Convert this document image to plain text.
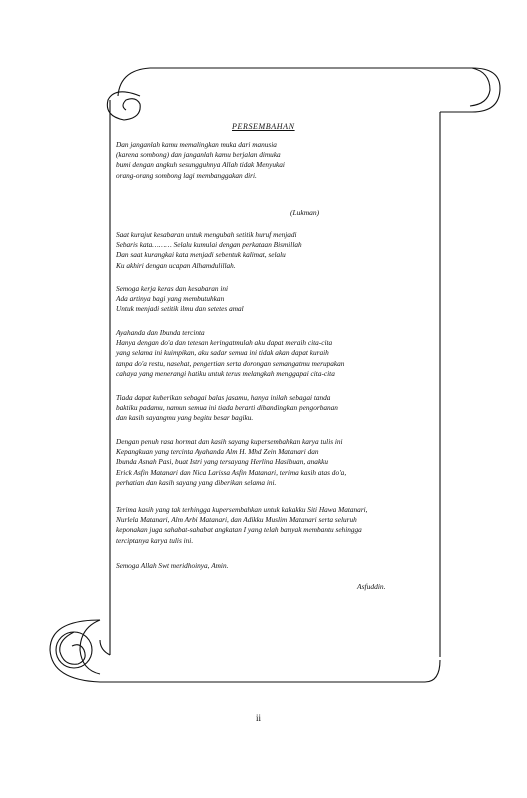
PERSEMBAHAN
Dan janganlah kamu memalingkan muka dari manusia
(karena sombong) dan janganlah kamu berjalan dimuka
bumi dengan angkuh sesungguhnya Allah tidak Menyukai
orang-orang sombong lagi membanggakan diri.
(Lukman)
Saat kurajut kesabaran untuk mengubah setitik huruf menjadi
Sebaris kata……… Selalu kumulai dengan perkataan Bismillah
Dan saat kurangkai kata menjadi sebentuk kalimat, selalu
Ku akhiri dengan ucapan Alhamdulillah.
Semoga kerja keras dan kesabaran ini
Ada artinya bagi yang membutuhkan
Untuk menjadi setitik ilmu dan setetes amal
Ayahanda dan Ibunda tercinta
Hanya dengan do'a dan tetesan keringatmulah aku dapat meraih cita-cita
yang selama ini kuimpikan, aku sadar semua ini tidak akan dapat kuraih
tanpa do'a restu, nasehat, pengertian serta dorongan semangatmu merupakan
cahaya yang menerangi hatiku untuk terus melangkah menggapai cita-cita
Tiada dapat kuberikan sebagai balas jasamu, hanya inilah sebagai tanda
baktiku padamu, namun semua ini tiada berarti dibandingkan pengorbanan
dan kasih sayangmu yang begitu besar bagiku.
Dengan penuh rasa hormat dan kasih sayang kupersembahkan karya tulis ini
Kepangkuan yang tercinta Ayahanda Alm H. Mhd Zein Matanari dan
Ibunda Asnah Pasi, buat Istri yang tersayang Herlina Hasibuan, anakku
Erick Asfin Matanari dan Nica Larissa Asfin Matanari, terima kasih atas do'a,
perhatian dan kasih sayang yang diberikan selama ini.
Terima kasih yang tak terhingga kupersembahkan untuk kakakku Siti Hawa Matanari,
Nurlela Matanari, Alm Arbi Matanari, dan Adikku Muslim Matanari serta seluruh
keponakan juga sahabat-sahabat angkatan I yang telah banyak membantu sehingga
terciptanya karya tulis ini.
Semoga Allah Swt meridhoinya, Amin.
Asfuddin.
ii
